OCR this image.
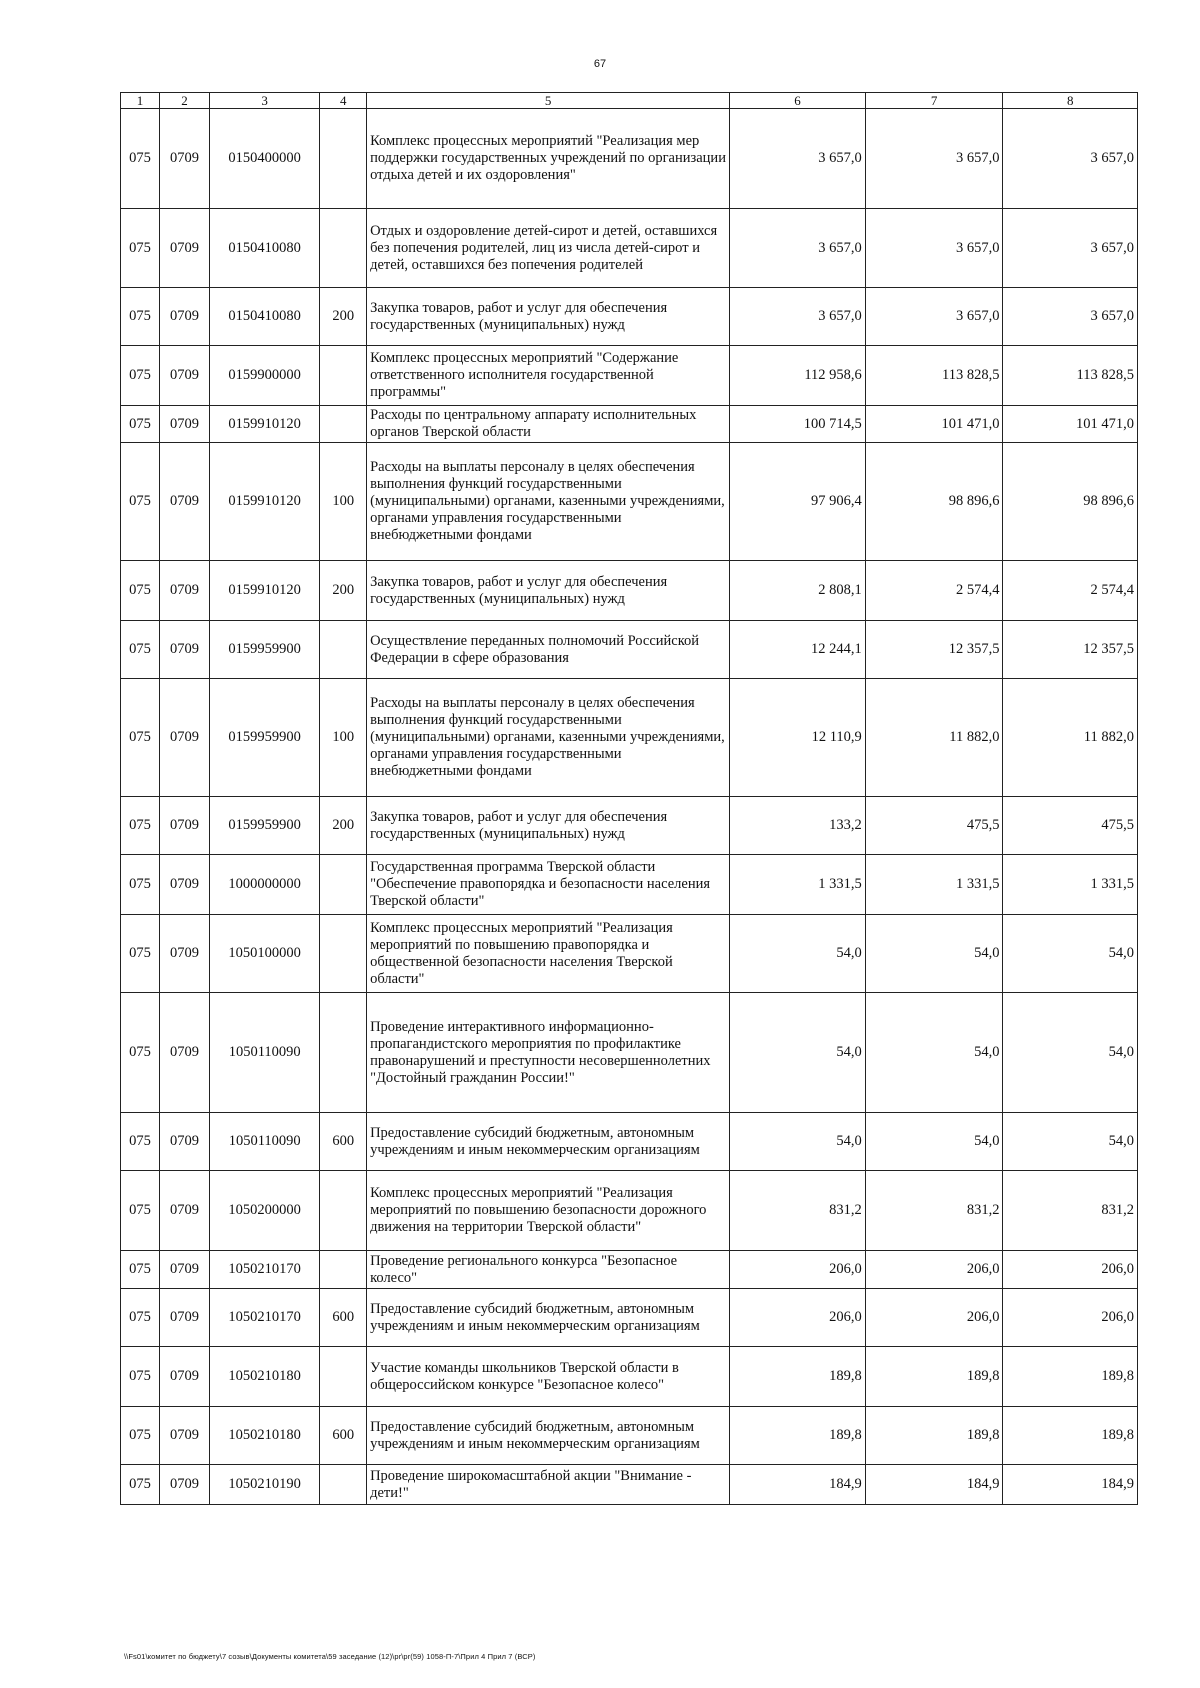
67
1	2	3	4	5	6	7	8
075	0709	0150400000		Комплекс процессных мероприятий "Реализация мер поддержки государственных учреждений по организации отдыха детей и их оздоровления"	3 657,0	3 657,0	3 657,0
075	0709	0150410080		Отдых и оздоровление детей-сирот и детей, оставшихся без попечения родителей, лиц из числа детей-сирот и детей, оставшихся без попечения родителей	3 657,0	3 657,0	3 657,0
075	0709	0150410080	200	Закупка товаров, работ и услуг для обеспечения государственных (муниципальных) нужд	3 657,0	3 657,0	3 657,0
075	0709	0159900000		Комплекс процессных мероприятий "Содержание ответственного исполнителя государственной программы"	112 958,6	113 828,5	113 828,5
075	0709	0159910120		Расходы по центральному аппарату исполнительных органов Тверской области	100 714,5	101 471,0	101 471,0
075	0709	0159910120	100	Расходы на выплаты персоналу в целях обеспечения выполнения функций государственными (муниципальными) органами, казенными учреждениями, органами управления государственными внебюджетными фондами	97 906,4	98 896,6	98 896,6
075	0709	0159910120	200	Закупка товаров, работ и услуг для обеспечения государственных (муниципальных) нужд	2 808,1	2 574,4	2 574,4
075	0709	0159959900		Осуществление переданных полномочий Российской Федерации в сфере образования	12 244,1	12 357,5	12 357,5
075	0709	0159959900	100	Расходы на выплаты персоналу в целях обеспечения выполнения функций государственными (муниципальными) органами, казенными учреждениями, органами управления государственными внебюджетными фондами	12 110,9	11 882,0	11 882,0
075	0709	0159959900	200	Закупка товаров, работ и услуг для обеспечения государственных (муниципальных) нужд	133,2	475,5	475,5
075	0709	1000000000		Государственная программа Тверской области "Обеспечение правопорядка и безопасности населения Тверской области"	1 331,5	1 331,5	1 331,5
075	0709	1050100000		Комплекс процессных мероприятий "Реализация мероприятий по повышению правопорядка и общественной безопасности населения Тверской области"	54,0	54,0	54,0
075	0709	1050110090		Проведение интерактивного информационно-пропагандистского мероприятия по профилактике правонарушений и преступности несовершеннолетних "Достойный гражданин России!"	54,0	54,0	54,0
075	0709	1050110090	600	Предоставление субсидий бюджетным, автономным учреждениям и иным некоммерческим организациям	54,0	54,0	54,0
075	0709	1050200000		Комплекс процессных мероприятий "Реализация мероприятий по повышению безопасности дорожного движения на территории Тверской области"	831,2	831,2	831,2
075	0709	1050210170		Проведение регионального конкурса "Безопасное колесо"	206,0	206,0	206,0
075	0709	1050210170	600	Предоставление субсидий бюджетным, автономным учреждениям и иным некоммерческим организациям	206,0	206,0	206,0
075	0709	1050210180		Участие команды школьников Тверской области в общероссийском конкурсе "Безопасное колесо"	189,8	189,8	189,8
075	0709	1050210180	600	Предоставление субсидий бюджетным, автономным учреждениям и иным некоммерческим организациям	189,8	189,8	189,8
075	0709	1050210190		Проведение широкомасштабной акции "Внимание - дети!"	184,9	184,9	184,9
\\Fs01\комитет по бюджету\7 созыв\Документы комитета\59 заседание (12)\pr\pr(59) 1058-П-7\Прил 4 Прил 7 (ВСР)
